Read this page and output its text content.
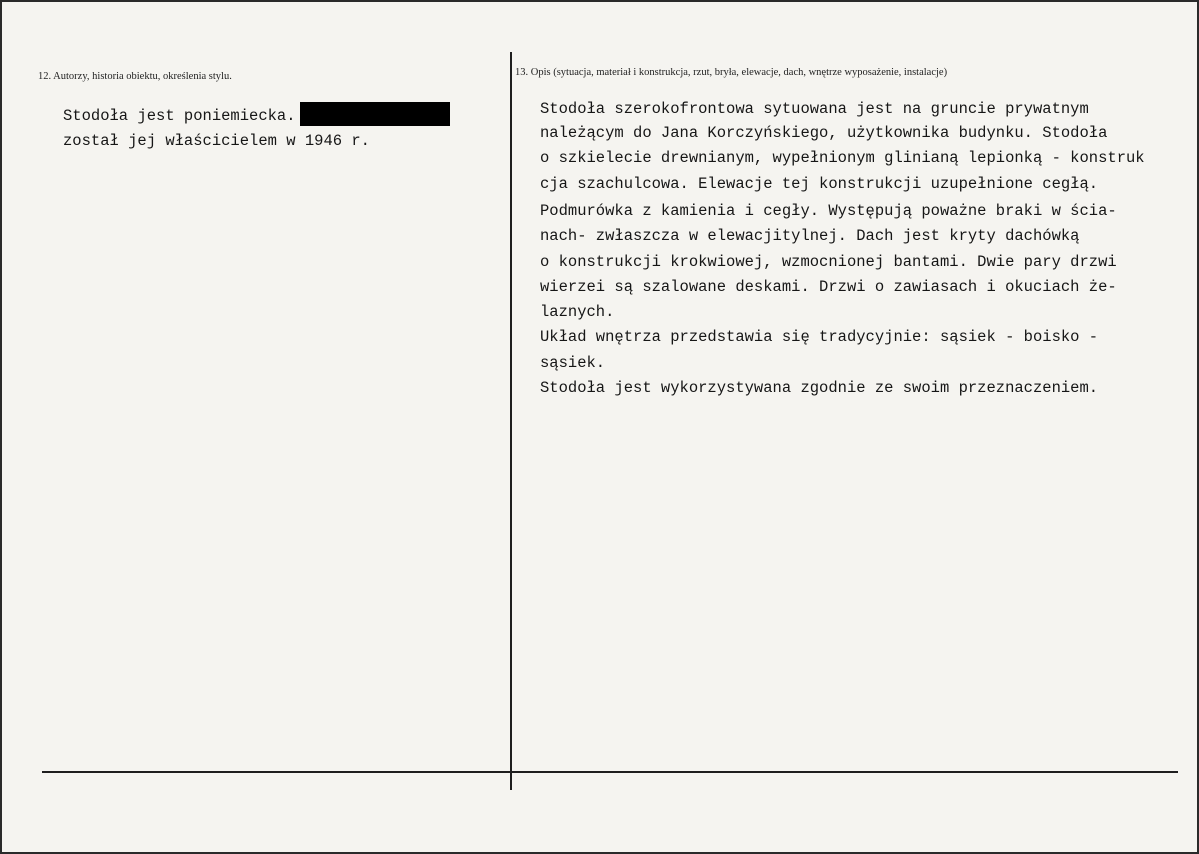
12. Autorzy, historia obiektu, określenia stylu.	13. Opis (sytuacja, materiał i konstrukcja, rzut, bryła, elewacje, dach, wnętrze wyposażenie, instalacje)
Stodoła jest poniemiecka.
został jej właścicielem w 1946 r.
Stodoła szerokofrontowa sytuowana jest na gruncie prywatnym
należącym do Jana Korczyńskiego, użytkownika budynku. Stodoła
o szkielecie drewnianym, wypełnionym glinianą lepionką - konstruk
cja szachulcowa. Elewacje tej konstrukcji uzupełnione cegłą.
Podmurówka z kamienia i cegły. Występują poważne braki w ścia-
nach- zwłaszcza w elewacjitylnej. Dach jest kryty dachówką
o konstrukcji krokwiowej, wzmocnionej bantami. Dwie pary drzwi
wierzei są szalowane deskami. Drzwi o zawiasach i okuciach że-
laznych.
Układ wnętrza przedstawia się tradycyjnie: sąsiek - boisko -
sąsiek.
Stodoła jest wykorzystywana zgodnie ze swoim przeznaczeniem.
